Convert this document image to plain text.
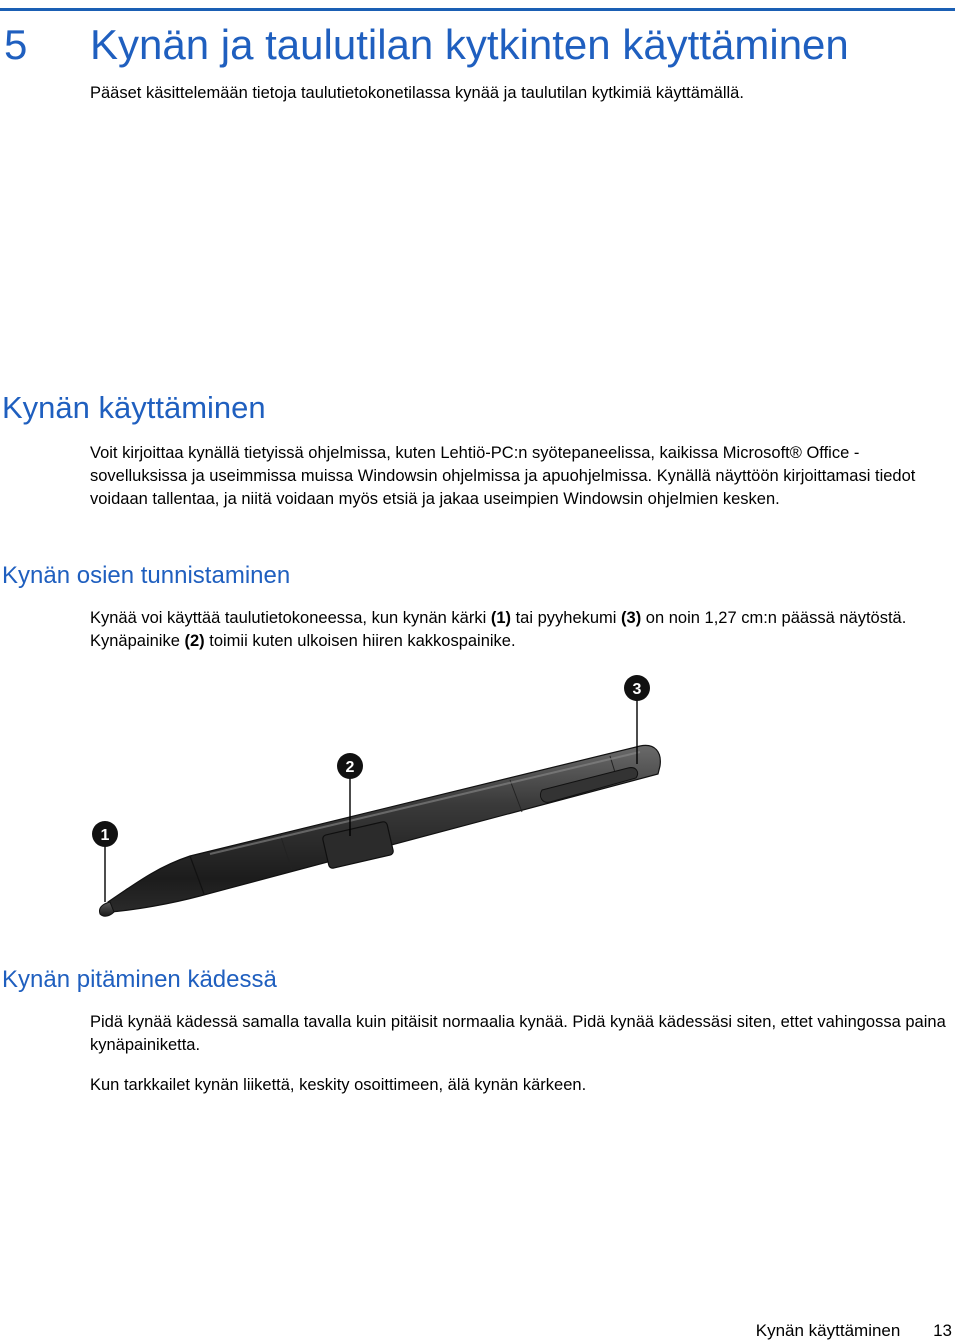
5 Kynän ja taulutilan kytkinten käyttäminen
Pääset käsittelemään tietoja taulutietokonetilassa kynää ja taulutilan kytkimiä käyttämällä.
Kynän käyttäminen
Voit kirjoittaa kynällä tietyissä ohjelmissa, kuten Lehtiö-PC:n syötepaneelissa, kaikissa Microsoft® Office -sovelluksissa ja useimmissa muissa Windowsin ohjelmissa ja apuohjelmissa. Kynällä näyttöön kirjoittamasi tiedot voidaan tallentaa, ja niitä voidaan myös etsiä ja jakaa useimpien Windowsin ohjelmien kesken.
Kynän osien tunnistaminen
Kynää voi käyttää taulutietokoneessa, kun kynän kärki (1) tai pyyhekumi (3) on noin 1,27 cm:n päässä näytöstä. Kynäpainike (2) toimii kuten ulkoisen hiiren kakkospainike.
1
2
3
Kynän pitäminen kädessä
Pidä kynää kädessä samalla tavalla kuin pitäisit normaalia kynää. Pidä kynää kädessäsi siten, ettet vahingossa paina kynäpainiketta.
Kun tarkkailet kynän liikettä, keskity osoittimeen, älä kynän kärkeen.
Kynän käyttäminen 13
